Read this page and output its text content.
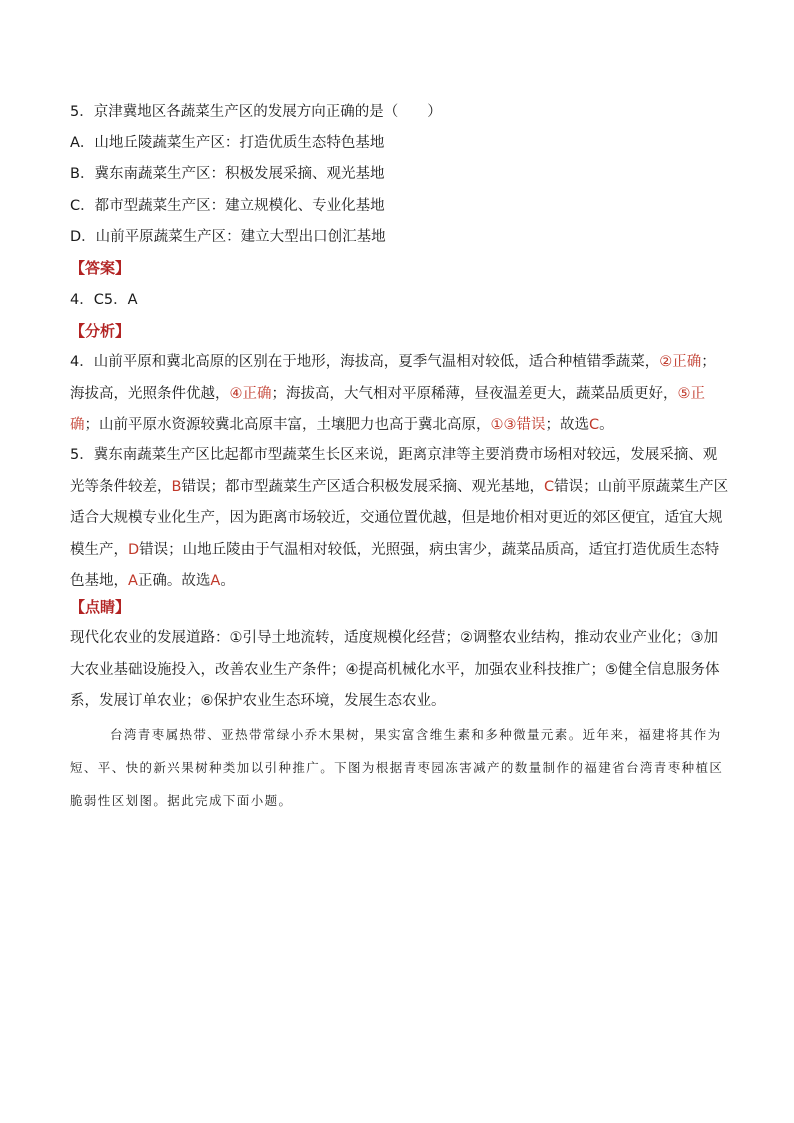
5．京津冀地区各蔬菜生产区的发展方向正确的是（　　）
A．山地丘陵蔬菜生产区：打造优质生态特色基地
B．冀东南蔬菜生产区：积极发展采摘、观光基地
C．都市型蔬菜生产区：建立规模化、专业化基地
D．山前平原蔬菜生产区：建立大型出口创汇基地
【答案】
4．C5．A
【分析】
4．山前平原和冀北高原的区别在于地形，海拔高，夏季气温相对较低，适合种植错季蔬菜，②正确；海拔高，光照条件优越，④正确；海拔高，大气相对平原稀薄，昼夜温差更大，蔬菜品质更好，⑤正确；山前平原水资源较冀北高原丰富，土壤肥力也高于冀北高原，①③错误；故选C。
5．冀东南蔬菜生产区比起都市型蔬菜生长区来说，距离京津等主要消费市场相对较远，发展采摘、观光等条件较差，B错误；都市型蔬菜生产区适合积极发展采摘、观光基地，C错误；山前平原蔬菜生产区适合大规模专业化生产，因为距离市场较近，交通位置优越，但是地价相对更近的郊区便宜，适宜大规模生产，D错误；山地丘陵由于气温相对较低，光照强，病虫害少，蔬菜品质高，适宜打造优质生态特色基地，A正确。故选A。
【点睛】
现代化农业的发展道路：①引导土地流转，适度规模化经营；②调整农业结构，推动农业产业化；③加大农业基础设施投入，改善农业生产条件；④提高机械化水平，加强农业科技推广；⑤健全信息服务体系，发展订单农业；⑥保护农业生态环境，发展生态农业。
台湾青枣属热带、亚热带常绿小乔木果树，果实富含维生素和多种微量元素。近年来，福建将其作为短、平、快的新兴果树种类加以引种推广。下图为根据青枣园冻害减产的数量制作的福建省台湾青枣种植区脆弱性区划图。据此完成下面小题。
